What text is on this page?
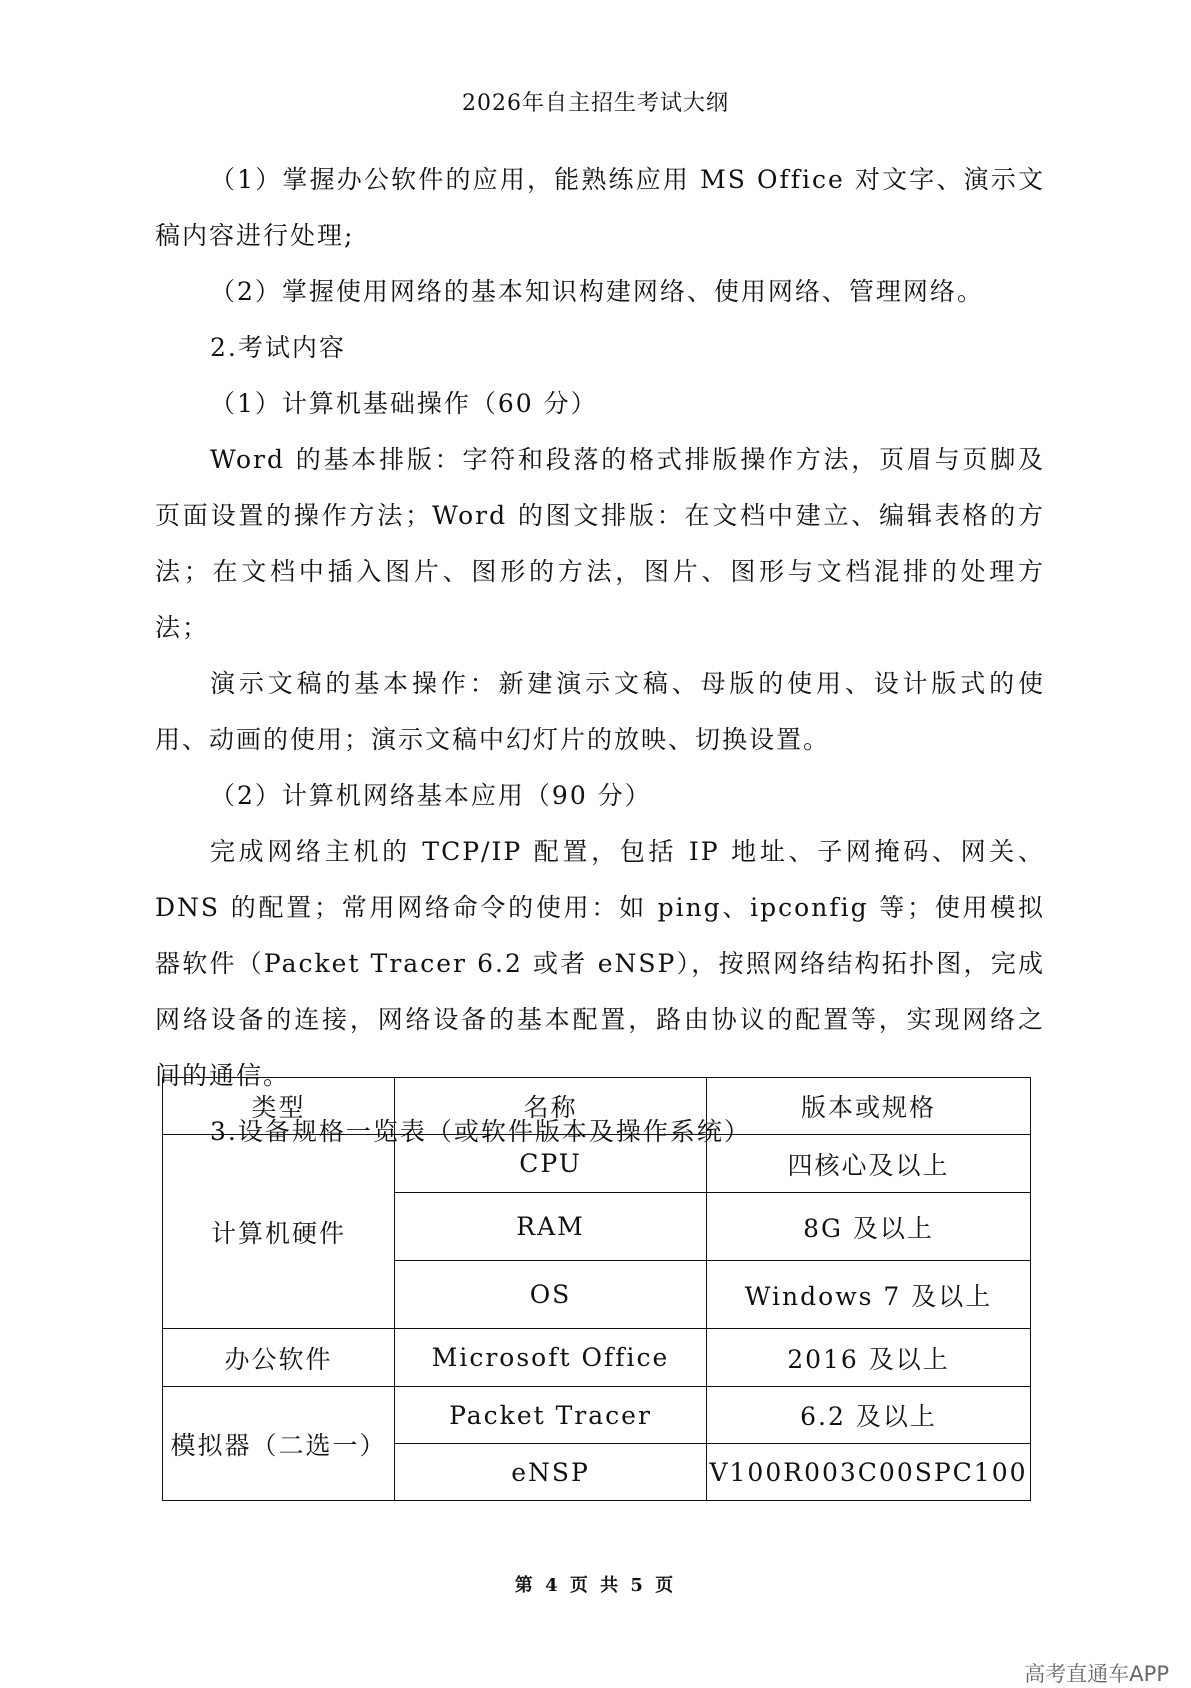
2026年自主招生考试大纲

（1）掌握办公软件的应用，能熟练应用 MS Office 对文字、演示文稿内容进行处理;

（2）掌握使用网络的基本知识构建网络、使用网络、管理网络。

2.考试内容

（1）计算机基础操作（60 分）

Word 的基本排版：字符和段落的格式排版操作方法，页眉与页脚及页面设置的操作方法；Word 的图文排版：在文档中建立、编辑表格的方法；在文档中插入图片、图形的方法，图片、图形与文档混排的处理方法；

演示文稿的基本操作：新建演示文稿、母版的使用、设计版式的使用、动画的使用；演示文稿中幻灯片的放映、切换设置。

（2）计算机网络基本应用（90 分）

完成网络主机的 TCP/IP 配置，包括 IP 地址、子网掩码、网关、DNS 的配置；常用网络命令的使用：如 ping、ipconfig 等；使用模拟器软件（Packet Tracer 6.2 或者 eNSP），按照网络结构拓扑图，完成网络设备的连接，网络设备的基本配置，路由协议的配置等，实现网络之间的通信。

3.设备规格一览表（或软件版本及操作系统）

类型	名称	版本或规格
计算机硬件	CPU	四核心及以上
	RAM	8G 及以上
	OS	Windows 7 及以上
办公软件	Microsoft Office	2016 及以上
模拟器（二选一）	Packet Tracer	6.2 及以上
	eNSP	V100R003C00SPC100
第 4 页 共 5 页
高考直通车APP
